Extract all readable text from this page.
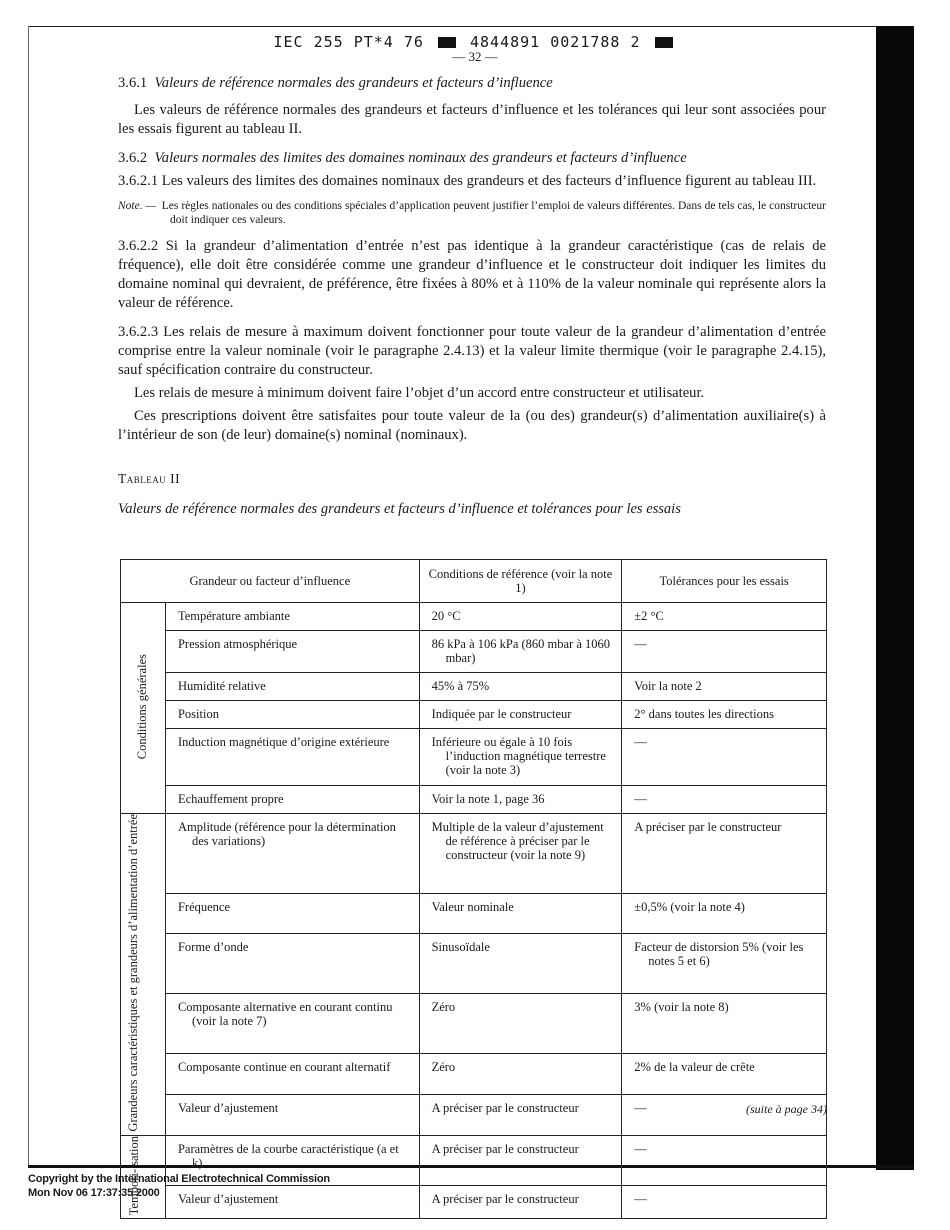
IEC 255 PT*4 76	4844891 0021788 2
— 32 —

3.6.1 Valeurs de référence normales des grandeurs et facteurs d’influence

Les valeurs de référence normales des grandeurs et facteurs d’influence et les tolérances qui leur sont associées pour les essais figurent au tableau II.

3.6.2 Valeurs normales des limites des domaines nominaux des grandeurs et facteurs d’influence

3.6.2.1 Les valeurs des limites des domaines nominaux des grandeurs et des facteurs d’influence figurent au tableau III.

Note. — Les règles nationales ou des conditions spéciales d’application peuvent justifier l’emploi de valeurs différentes. Dans de tels cas, le constructeur doit indiquer ces valeurs.

3.6.2.2 Si la grandeur d’alimentation d’entrée n’est pas identique à la grandeur caractéristique (cas de relais de fréquence), elle doit être considérée comme une grandeur d’influence et le constructeur doit indiquer les limites du domaine nominal qui devraient, de préférence, être fixées à 80% et à 110% de la valeur nominale qui représente alors la valeur de référence.

3.6.2.3 Les relais de mesure à maximum doivent fonctionner pour toute valeur de la grandeur d’alimentation d’entrée comprise entre la valeur nominale (voir le paragraphe 2.4.13) et la valeur limite thermique (voir le paragraphe 2.4.15), sauf spécification contraire du constructeur.

Les relais de mesure à minimum doivent faire l’objet d’un accord entre constructeur et utilisateur.

Ces prescriptions doivent être satisfaites pour toute valeur de la (ou des) grandeur(s) d’alimentation auxiliaire(s) à l’intérieur de son (de leur) domaine(s) nominal (nominaux).

Tableau II

Valeurs de référence normales des grandeurs et facteurs d’influence et tolérances pour les essais

Grandeur ou facteur d’influence		Conditions de référence (voir la note 1)	Tolérances pour les essais
Conditions générales	Température ambiante	20 °C	±2 °C
	Pression atmosphérique	86 kPa à 106 kPa (860 mbar à 1060 mbar)	—
	Humidité relative	45% à 75%	Voir la note 2
	Position	Indiquée par le constructeur	2° dans toutes les directions
	Induction magnétique d’origine extérieure	Inférieure ou égale à 10 fois l’induction magnétique terrestre (voir la note 3)	—
	Echauffement propre	Voir la note 1, page 36	—
Grandeurs caractéristiques et grandeurs d’alimentation d’entrée	Amplitude (référence pour la détermination des variations)	Multiple de la valeur d’ajustement de référence à préciser par le constructeur (voir la note 9)	A préciser par le constructeur
	Fréquence	Valeur nominale	±0,5% (voir la note 4)
	Forme d’onde	Sinusoïdale	Facteur de distorsion 5% (voir les notes 5 et 6)

	Composante alternative en courant continu (voir la note 7)	Zéro	3% (voir la note 8)
	Composante continue en courant alternatif	Zéro	2% de la valeur de crête
	Valeur d’ajustement	A préciser par le constructeur	—
Tempori- sation	Paramètres de la courbe caractéristique (a et k)	A préciser par le constructeur	—
	Valeur d’ajustement	A préciser par le constructeur	—
(suite à page 34)
Copyright by the International Electrotechnical Commission
Mon Nov 06 17:37:35 2000
